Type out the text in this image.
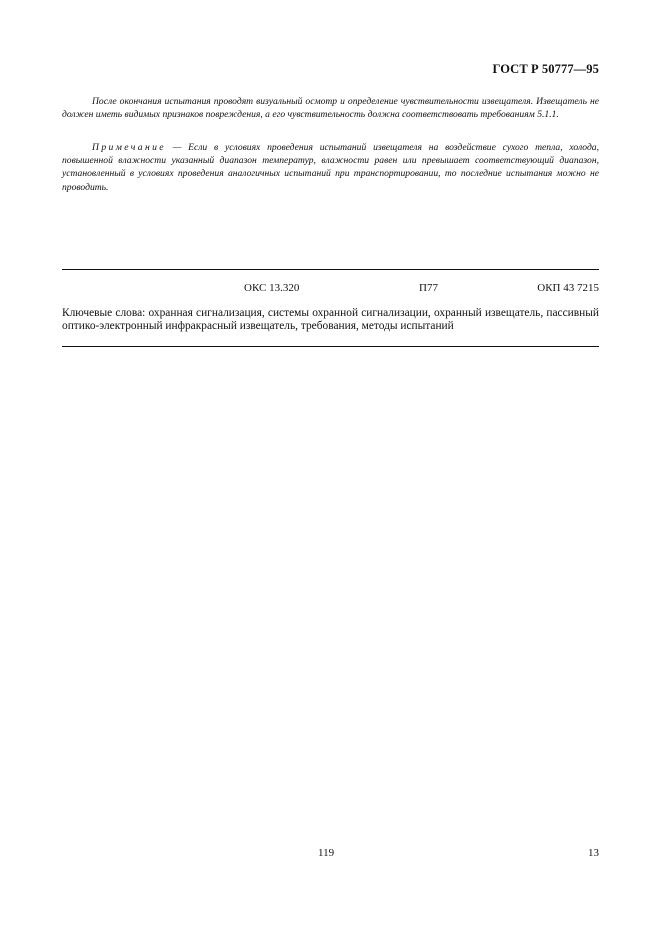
ГОСТ Р 50777—95
После окончания испытания проводят визуальный осмотр и определение чувствительности извещателя. Извещатель не должен иметь видимых признаков повреждения, а его чувствительность должна соответствовать требованиям 5.1.1.
Примечание — Если в условиях проведения испытаний извещателя на воздействие сухого тепла, холода, повышенной влажности указанный диапазон температур, влажности равен или превышает соответствующий диапазон, установленный в условиях проведения аналогичных испытаний при транспортировании, то последние испытания можно не проводить.
ОКС 13.320	П77	ОКП 43 7215
Ключевые слова: охранная сигнализация, системы охранной сигнализации, охранный извещатель, пассивный оптико-электронный инфракрасный извещатель, требования, методы испытаний
119	13
